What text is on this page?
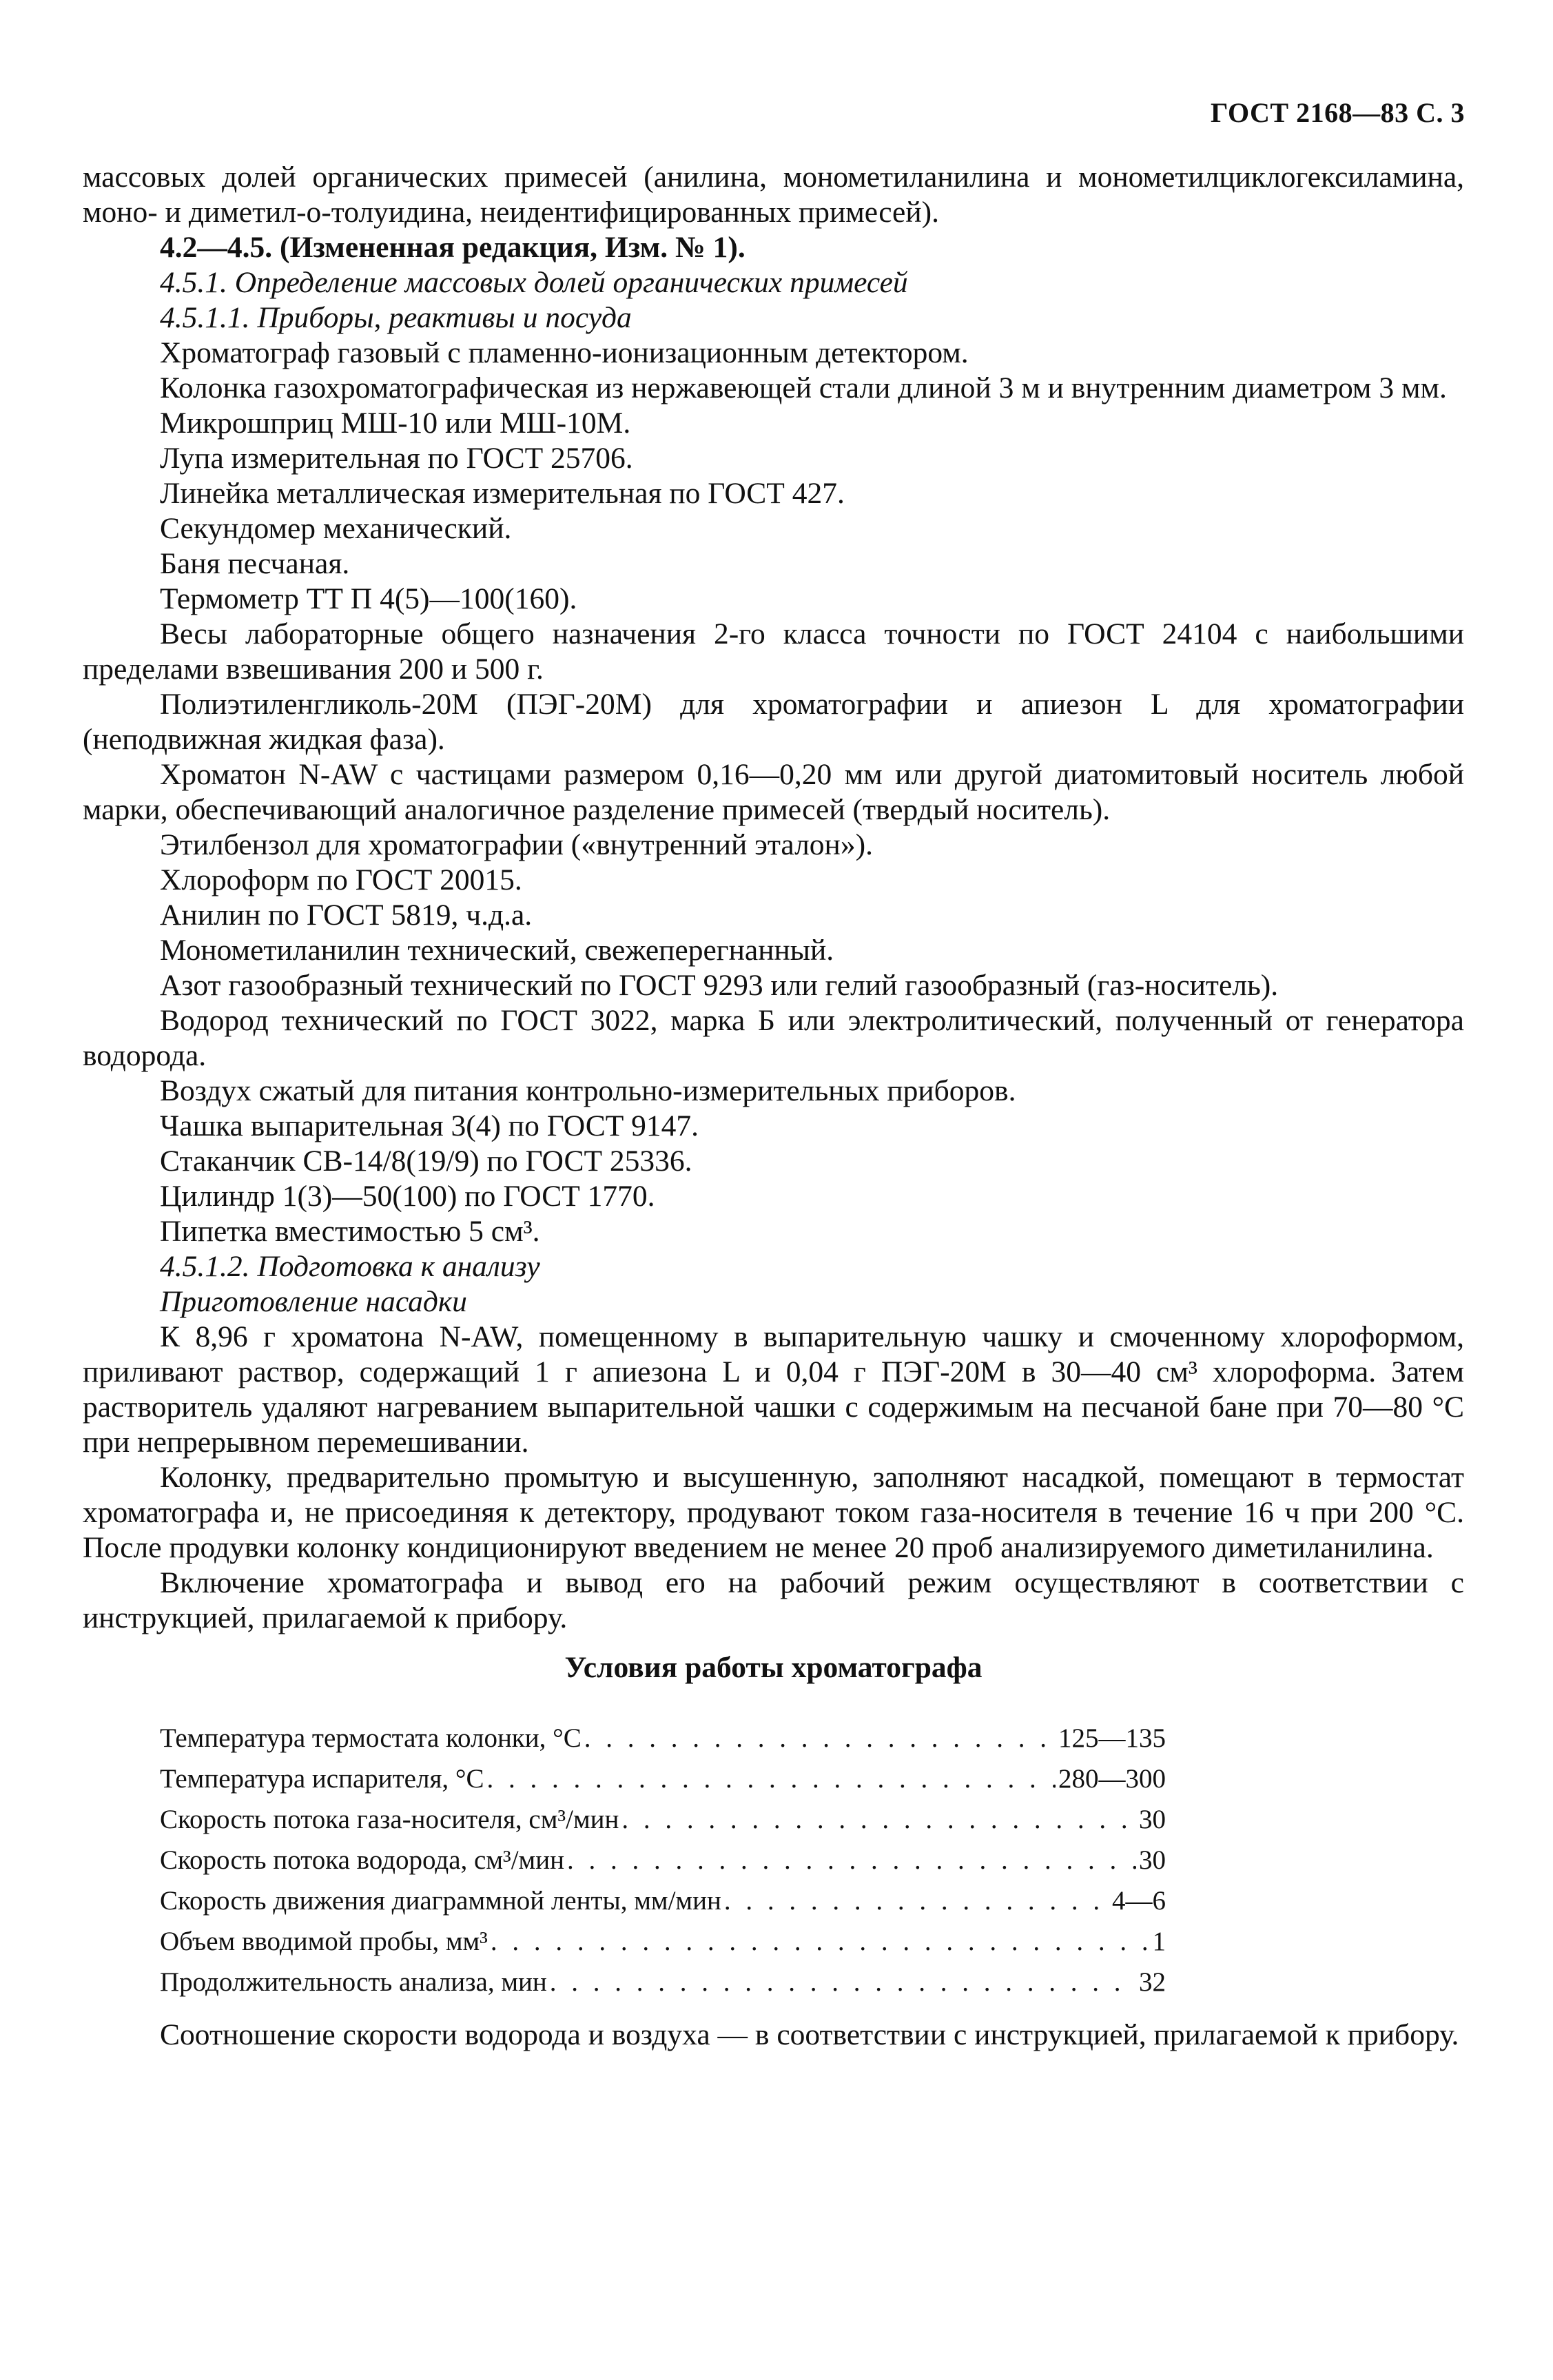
ГОСТ 2168—83 С. 3

массовых долей органических примесей (анилина, монометиланилина и монометилциклогексиламина, моно- и диметил-о-толуидина, неидентифицированных примесей).

4.2—4.5. (Измененная редакция, Изм. № 1).

4.5.1. Определение массовых долей органических примесей

4.5.1.1. Приборы, реактивы и посуда

Хроматограф газовый с пламенно-ионизационным детектором.

Колонка газохроматографическая из нержавеющей стали длиной 3 м и внутренним диаметром 3 мм.

Микрошприц МШ-10 или МШ-10М.

Лупа измерительная по ГОСТ 25706.

Линейка металлическая измерительная по ГОСТ 427.

Секундомер механический.

Баня песчаная.

Термометр ТТ П 4(5)—100(160).

Весы лабораторные общего назначения 2-го класса точности по ГОСТ 24104 с наибольшими пределами взвешивания 200 и 500 г.

Полиэтиленгликоль-20М (ПЭГ-20М) для хроматографии и апиезон L для хроматографии (неподвижная жидкая фаза).

Хроматон N-AW с частицами размером 0,16—0,20 мм или другой диатомитовый носитель любой марки, обеспечивающий аналогичное разделение примесей (твердый носитель).

Этилбензол для хроматографии («внутренний эталон»).

Хлороформ по ГОСТ 20015.

Анилин по ГОСТ 5819, ч.д.а.

Монометиланилин технический, свежеперегнанный.

Азот газообразный технический по ГОСТ 9293 или гелий газообразный (газ-носитель).

Водород технический по ГОСТ 3022, марка Б или электролитический, полученный от генератора водорода.

Воздух сжатый для питания контрольно-измерительных приборов.

Чашка выпарительная 3(4) по ГОСТ 9147.

Стаканчик СВ-14/8(19/9) по ГОСТ 25336.

Цилиндр 1(3)—50(100) по ГОСТ 1770.

Пипетка вместимостью 5 см³.

4.5.1.2. Подготовка к анализу

Приготовление насадки

К 8,96 г хроматона N-AW, помещенному в выпарительную чашку и смоченному хлороформом, приливают раствор, содержащий 1 г апиезона L и 0,04 г ПЭГ-20М в 30—40 см³ хлороформа. Затем растворитель удаляют нагреванием выпарительной чашки с содержимым на песчаной бане при 70—80 °С при непрерывном перемешивании.

Колонку, предварительно промытую и высушенную, заполняют насадкой, помещают в термостат хроматографа и, не присоединяя к детектору, продувают током газа-носителя в течение 16 ч при 200 °С. После продувки колонку кондиционируют введением не менее 20 проб анализируемого диметиланилина.

Включение хроматографа и вывод его на рабочий режим осуществляют в соответствии с инструкцией, прилагаемой к прибору.

Условия работы хроматографа
Температура термостата колонки, °С . . .	125—135
Температура испарителя, °С . . .	280—300
Скорость потока газа-носителя, см³/мин . . .	30
Скорость потока водорода, см³/мин . . .	30
Скорость движения диаграммной ленты, мм/мин . . .	4—6
Объем вводимой пробы, мм³ . . .	1
Продолжительность анализа, мин . . .	32

Соотношение скорости водорода и воздуха — в соответствии с инструкцией, прилагаемой к прибору.
